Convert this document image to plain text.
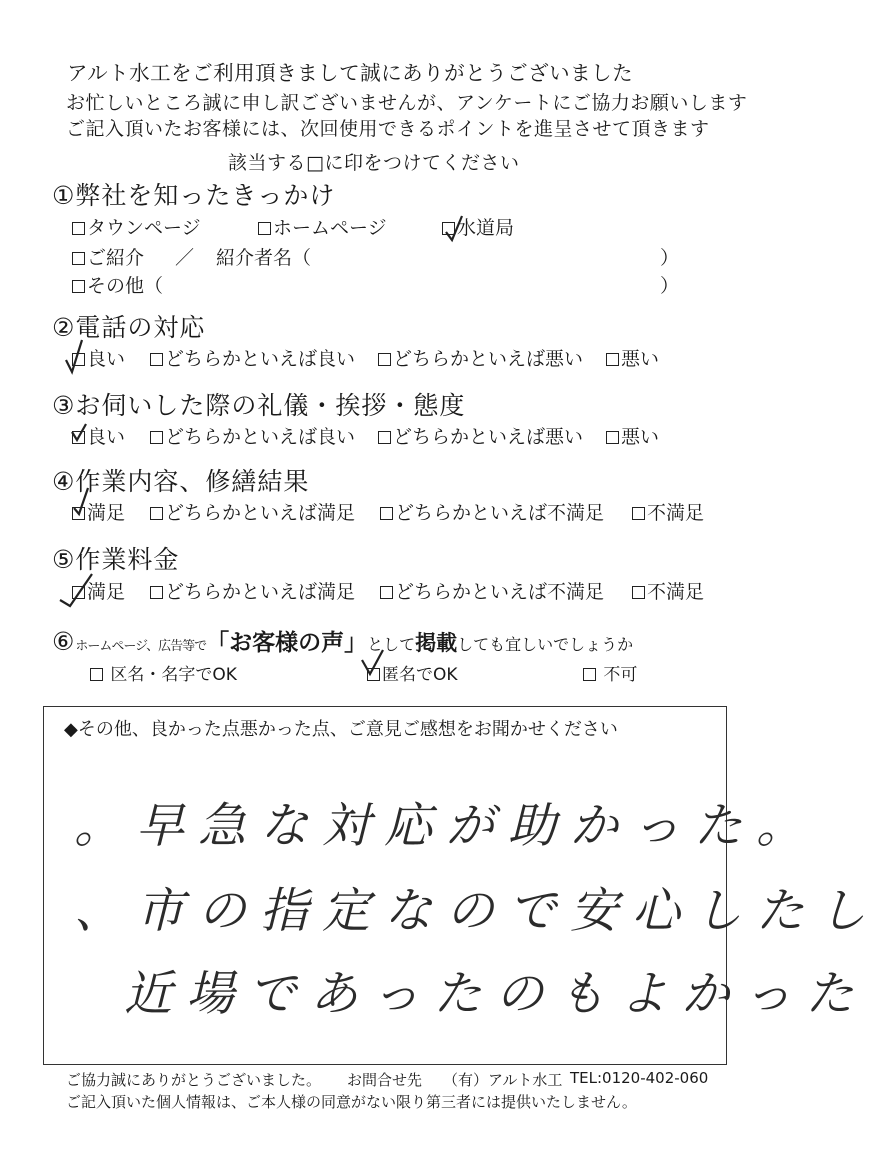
アルト水工をご利用頂きまして誠にありがとうございました
お忙しいところ誠に申し訳ございませんが、アンケートにご協力お願いします
ご記入頂いたお客様には、次回使用できるポイントを進呈させて頂きます
該当する□に印をつけてください
①弊社を知ったきっかけ
タウンページ	ホームページ	水道局
ご紹介 ／ 紹介者名（	）
その他（	）
②電話の対応
良い	どちらかといえば良い	どちらかといえば悪い	悪い
③お伺いした際の礼儀・挨拶・態度
良い	どちらかといえば良い	どちらかといえば悪い	悪い
④作業内容、修繕結果
満足	どちらかといえば満足	どちらかといえば不満足	不満足
⑤作業料金
満足	どちらかといえば満足	どちらかといえば不満足	不満足
⑥ホームページ、広告等で「お客様の声」として掲載しても宜しいでしょうか
区名・名字でOK	匿名でOK	不可
◆その他、良かった点悪かった点、ご意見ご感想をお聞かせください
。早急な対応が助かった。
、市の指定なので安心したし
近場であったのもよかった
ご協力誠にありがとうございました。 お問合せ先 （有）アルト水工 TEL:0120-402-060
ご記入頂いた個人情報は、ご本人様の同意がない限り第三者には提供いたしません。
